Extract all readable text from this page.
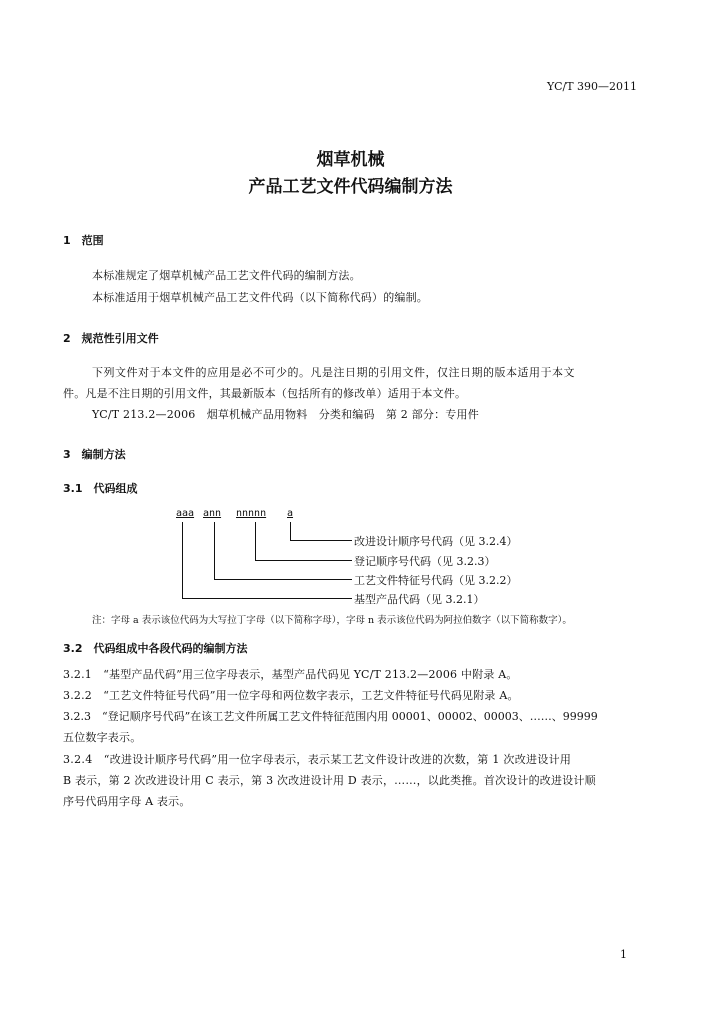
YC/T 390—2011
烟草机械
产品工艺文件代码编制方法
1　范围
本标准规定了烟草机械产品工艺文件代码的编制方法。
本标准适用于烟草机械产品工艺文件代码（以下简称代码）的编制。
2　规范性引用文件
下列文件对于本文件的应用是必不可少的。凡是注日期的引用文件，仅注日期的版本适用于本文
件。凡是不注日期的引用文件，其最新版本（包括所有的修改单）适用于本文件。
YC/T 213.2—2006　烟草机械产品用物料　分类和编码　第 2 部分：专用件
3　编制方法
3.1　代码组成
aaa ann nnnnn a
改进设计顺序号代码（见 3.2.4）
登记顺序号代码（见 3.2.3）
工艺文件特征号代码（见 3.2.2）
基型产品代码（见 3.2.1）
注：字母 a 表示该位代码为大写拉丁字母（以下简称字母），字母 n 表示该位代码为阿拉伯数字（以下简称数字）。
3.2　代码组成中各段代码的编制方法
3.2.1　“基型产品代码”用三位字母表示，基型产品代码见 YC/T 213.2—2006 中附录 A。
3.2.2　“工艺文件特征号代码”用一位字母和两位数字表示，工艺文件特征号代码见附录 A。
3.2.3　“登记顺序号代码”在该工艺文件所属工艺文件特征范围内用 00001、00002、00003、……、99999
五位数字表示。
3.2.4　“改进设计顺序号代码”用一位字母表示，表示某工艺文件设计改进的次数，第 1 次改进设计用
B 表示，第 2 次改进设计用 C 表示，第 3 次改进设计用 D 表示，……，以此类推。首次设计的改进设计顺
序号代码用字母 A 表示。
1
